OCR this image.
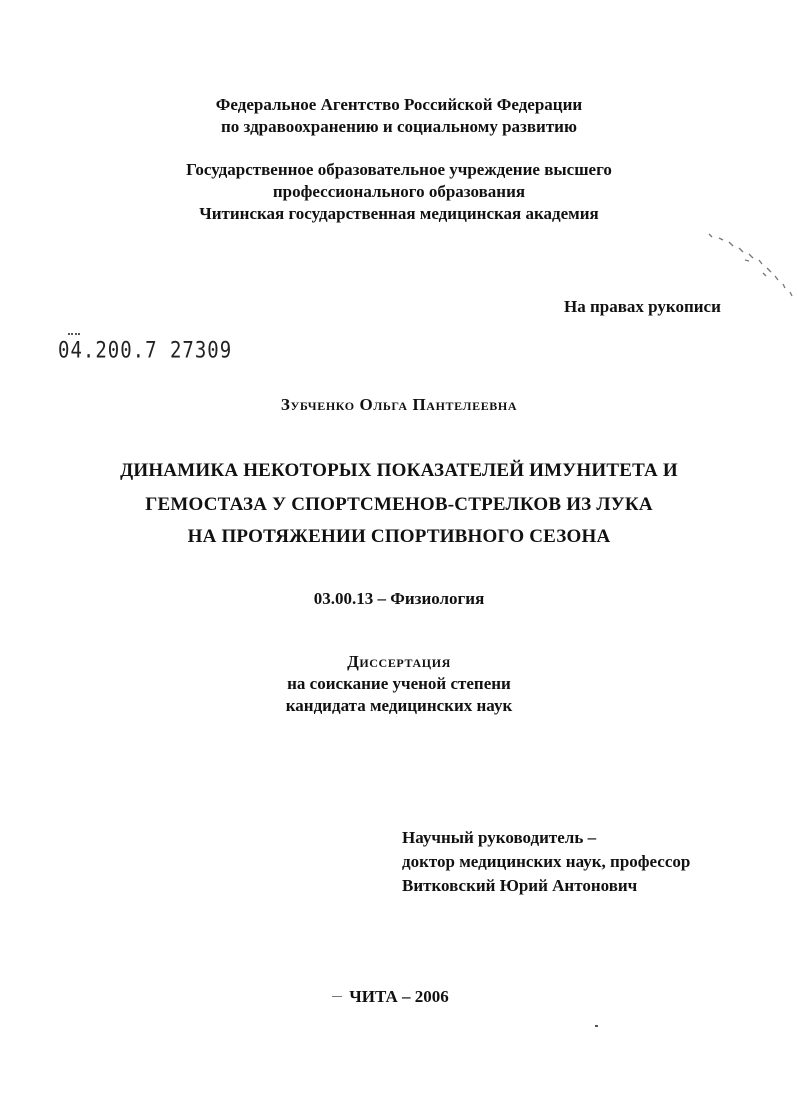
Федеральное Агентство Российской Федерации
по здравоохранению и социальному развитию
Государственное образовательное учреждение высшего
профессионального образования
Читинская государственная медицинская академия
На правах рукописи
04.200.7 27309
Зубченко Ольга Пантелеевна
ДИНАМИКА НЕКОТОРЫХ ПОКАЗАТЕЛЕЙ ИМУНИТЕТА И
ГЕМОСТАЗА У СПОРТСМЕНОВ-СТРЕЛКОВ ИЗ ЛУКА
НА ПРОТЯЖЕНИИ СПОРТИВНОГО СЕЗОНА
03.00.13 – Физиология
Диссертация
на соискание ученой степени
кандидата медицинских наук
Научный руководитель –
доктор медицинских наук, профессор
Витковский Юрий Антонович
ЧИТА – 2006
